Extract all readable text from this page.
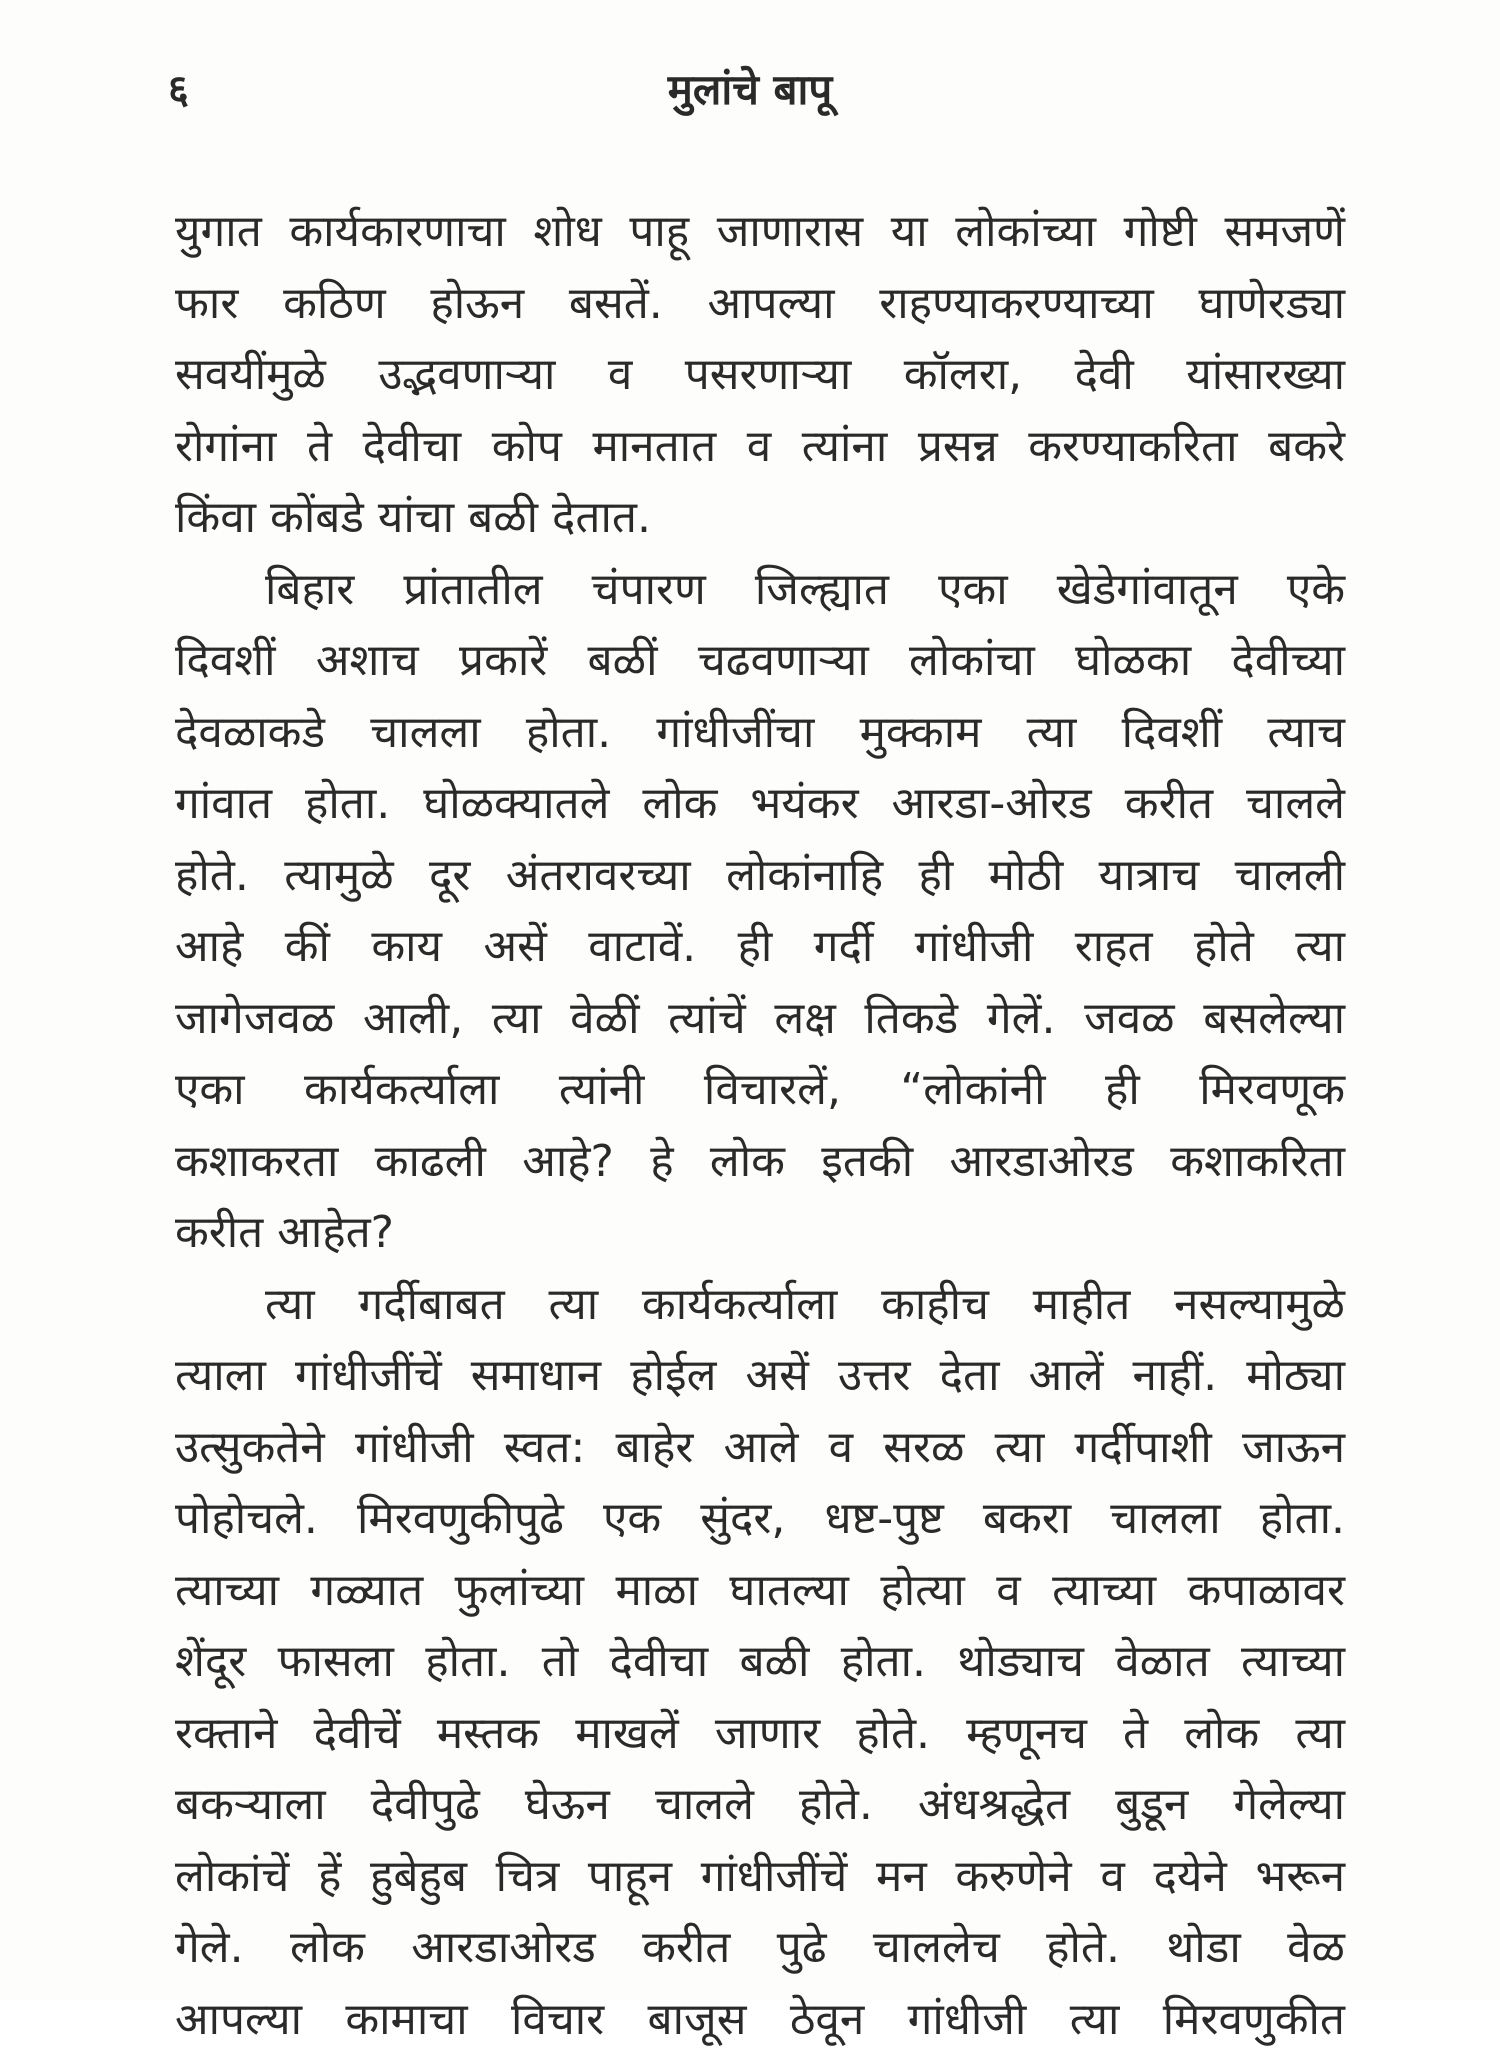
६	मुलांचे बापू
युगात कार्यकारणाचा शोध पाहू जाणारास या लोकांच्या गोष्टी समजणें
फार कठिण होऊन बसतें. आपल्या राहण्याकरण्याच्या घाणेरड्या
सवयींमुळे उद्भवणाऱ्या व पसरणाऱ्या कॉलरा, देवी यांसारख्या
रोगांना ते देवीचा कोप मानतात व त्यांना प्रसन्न करण्याकरिता बकरे
किंवा कोंबडे यांचा बळी देतात.
बिहार प्रांतातील चंपारण जिल्ह्यात एका खेडेगांवातून एके
दिवशीं अशाच प्रकारें बळीं चढवणाऱ्या लोकांचा घोळका देवीच्या
देवळाकडे चालला होता. गांधीजींचा मुक्काम त्या दिवशीं त्याच
गांवात होता. घोळक्यातले लोक भयंकर आरडा-ओरड करीत चालले
होते. त्यामुळे दूर अंतरावरच्या लोकांनाहि ही मोठी यात्राच चालली
आहे कीं काय असें वाटावें. ही गर्दी गांधीजी राहत होते त्या
जागेजवळ आली, त्या वेळीं त्यांचें लक्ष तिकडे गेलें. जवळ बसलेल्या
एका कार्यकर्त्याला त्यांनी विचारलें, “लोकांनी ही मिरवणूक
कशाकरता काढली आहे? हे लोक इतकी आरडाओरड कशाकरिता
करीत आहेत?
त्या गर्दीबाबत त्या कार्यकर्त्याला काहीच माहीत नसल्यामुळे
त्याला गांधीजींचें समाधान होईल असें उत्तर देता आलें नाहीं. मोठ्या
उत्सुकतेने गांधीजी स्वत: बाहेर आले व सरळ त्या गर्दीपाशी जाऊन
पोहोचले. मिरवणुकीपुढे एक सुंदर, धष्ट-पुष्ट बकरा चालला होता.
त्याच्या गळ्यात फुलांच्या माळा घातल्या होत्या व त्याच्या कपाळावर
शेंदूर फासला होता. तो देवीचा बळी होता. थोड्याच वेळात त्याच्या
रक्ताने देवीचें मस्तक माखलें जाणार होते. म्हणूनच ते लोक त्या
बकऱ्याला देवीपुढे घेऊन चालले होते. अंधश्रद्धेत बुडून गेलेल्या
लोकांचें हें हुबेहुब चित्र पाहून गांधीजींचें मन करुणेने व दयेने भरून
गेले. लोक आरडाओरड करीत पुढे चाललेच होते. थोडा वेळ
आपल्या कामाचा विचार बाजूस ठेवून गांधीजी त्या मिरवणुकीत
